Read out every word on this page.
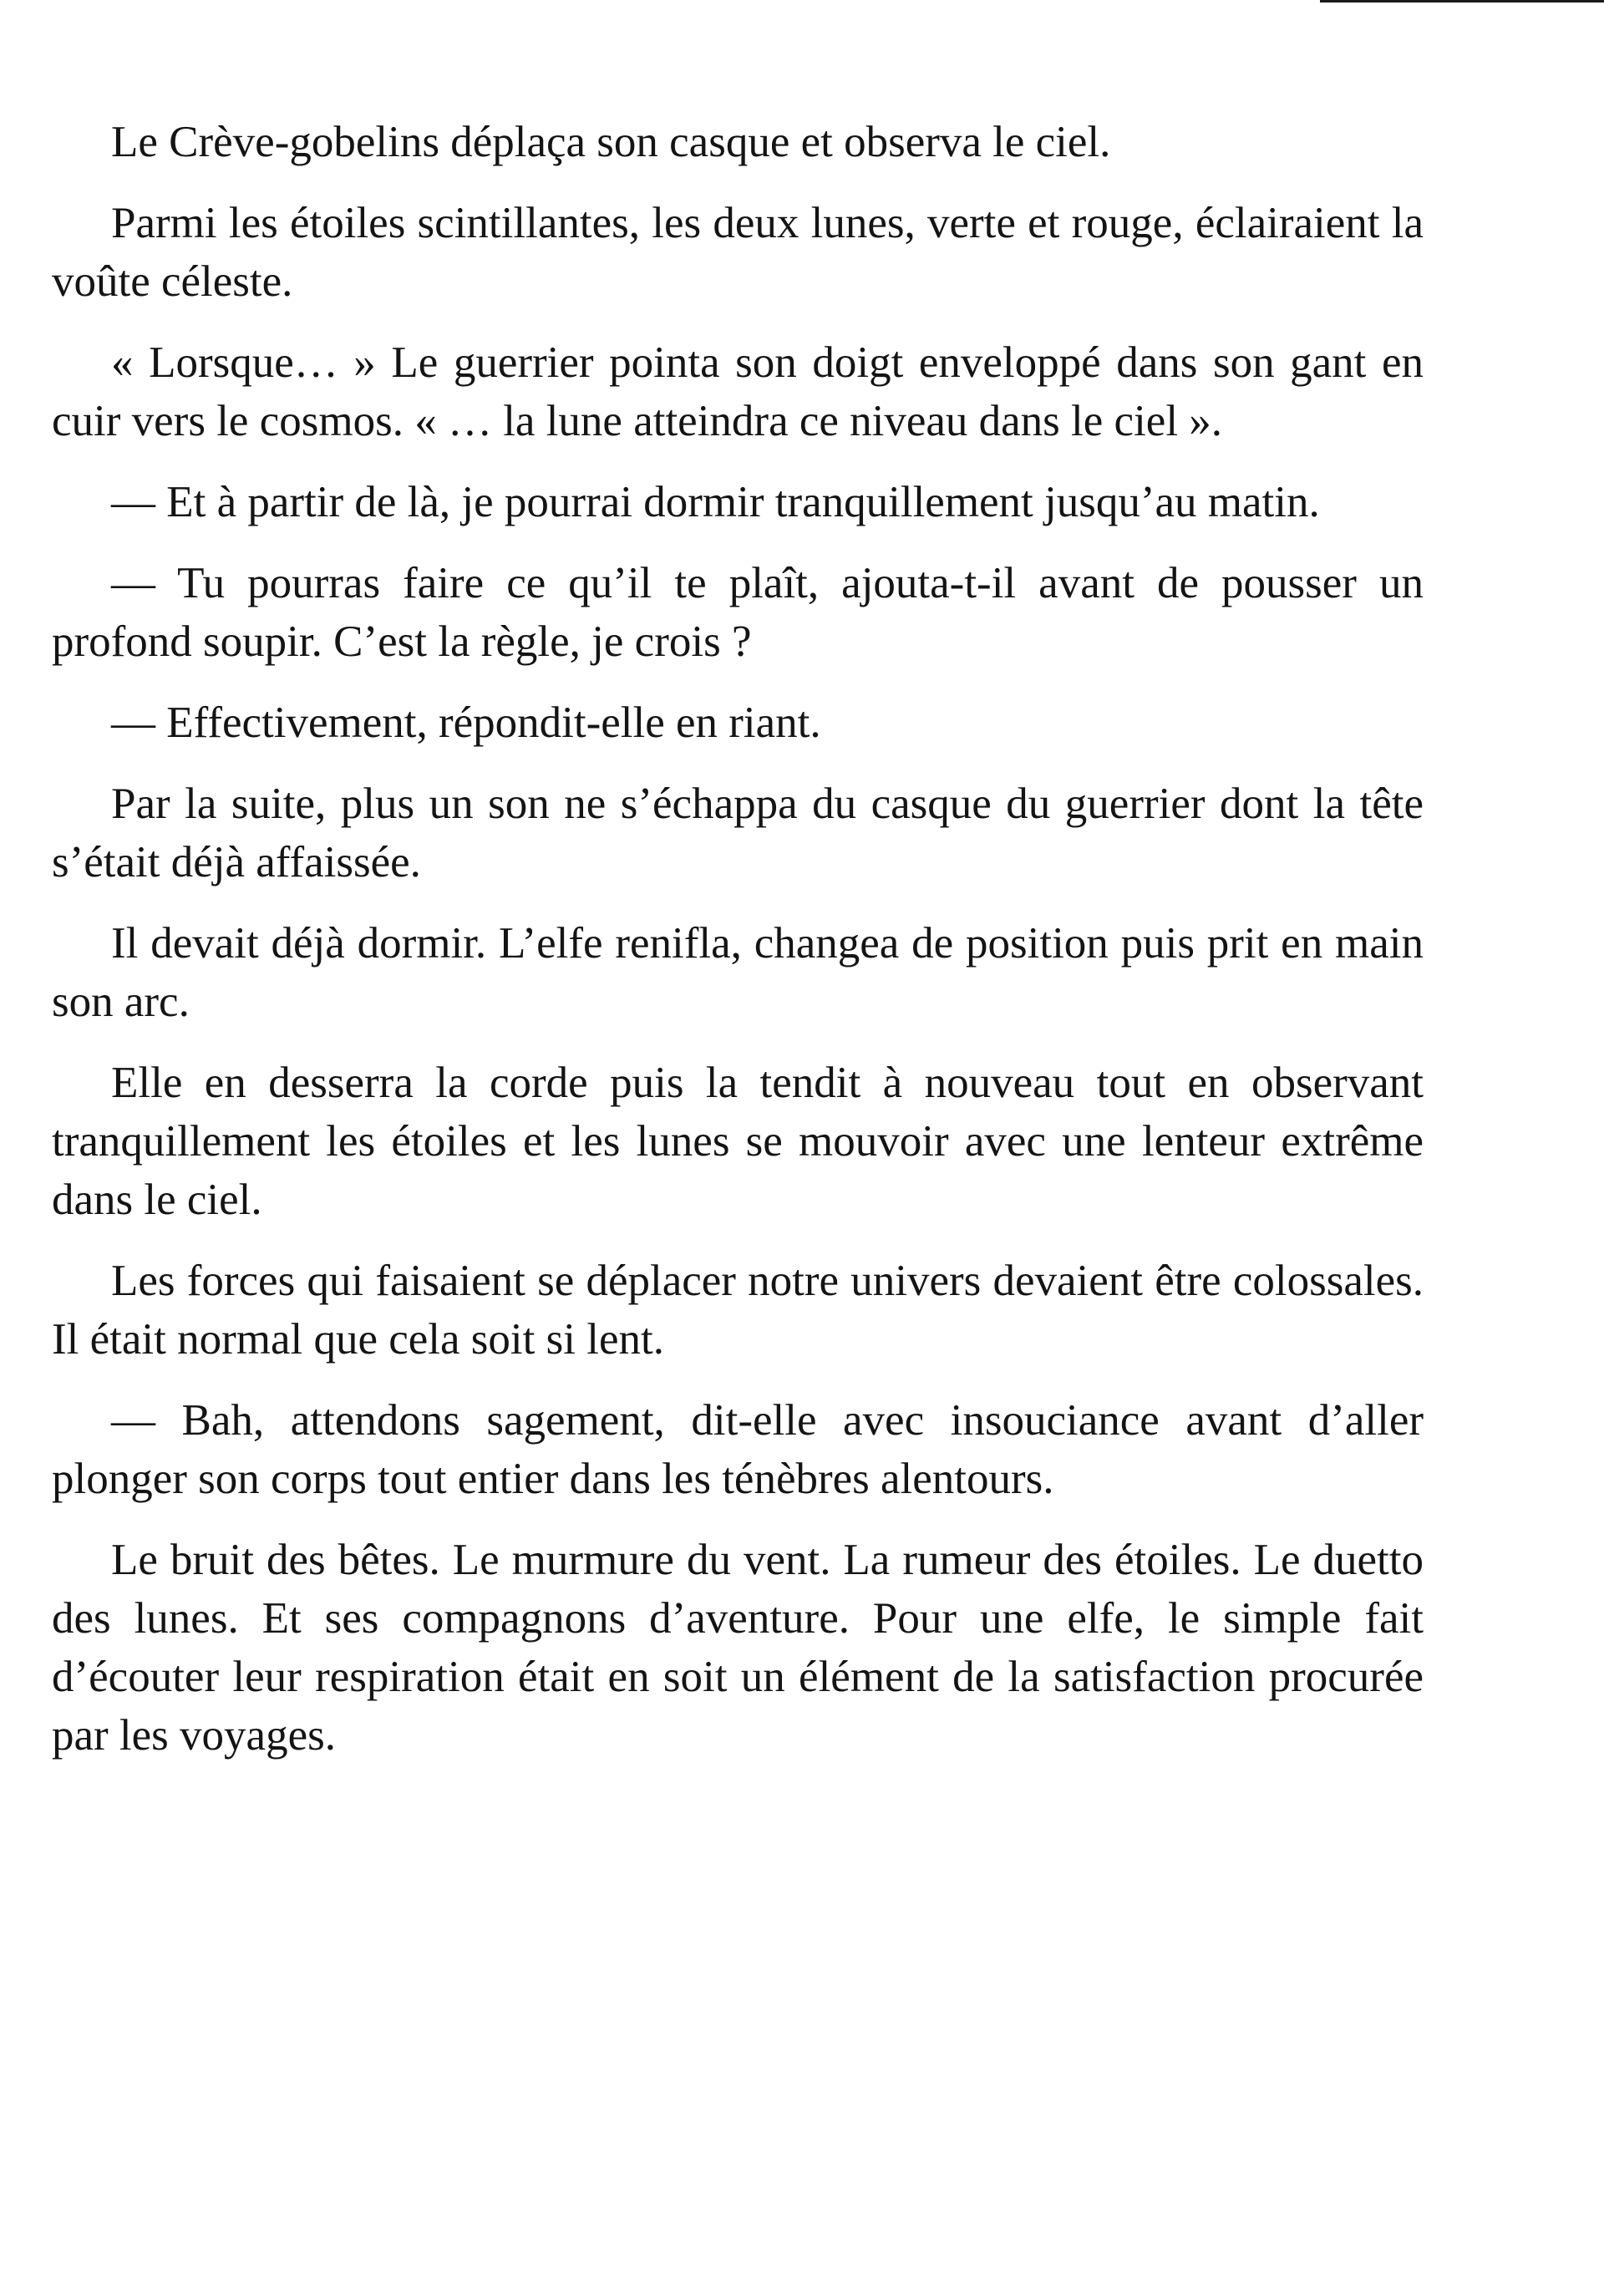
Le Crève-gobelins déplaça son casque et observa le ciel.

Parmi les étoiles scintillantes, les deux lunes, verte et rouge, éclairaient la voûte céleste.

« Lorsque… » Le guerrier pointa son doigt enveloppé dans son gant en cuir vers le cosmos. « … la lune atteindra ce niveau dans le ciel ».

— Et à partir de là, je pourrai dormir tranquillement jusqu’au matin.

— Tu pourras faire ce qu’il te plaît, ajouta-t-il avant de pousser un profond soupir. C’est la règle, je crois ?

— Effectivement, répondit-elle en riant.

Par la suite, plus un son ne s’échappa du casque du guerrier dont la tête s’était déjà affaissée.

Il devait déjà dormir. L’elfe renifla, changea de position puis prit en main son arc.

Elle en desserra la corde puis la tendit à nouveau tout en observant tranquillement les étoiles et les lunes se mouvoir avec une lenteur extrême dans le ciel.

Les forces qui faisaient se déplacer notre univers devaient être colossales. Il était normal que cela soit si lent.

— Bah, attendons sagement, dit-elle avec insouciance avant d’aller plonger son corps tout entier dans les ténèbres alentours.

Le bruit des bêtes. Le murmure du vent. La rumeur des étoiles. Le duetto des lunes. Et ses compagnons d’aventure. Pour une elfe, le simple fait d’écouter leur respiration était en soit un élément de la satisfaction procurée par les voyages.
